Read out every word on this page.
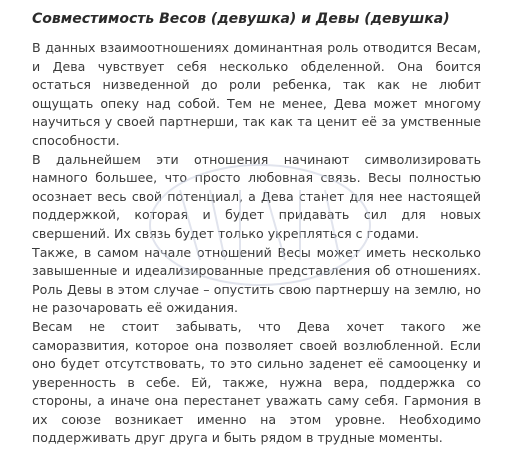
Совместимость Весов (девушка) и Девы (девушка)

В данных взаимоотношениях доминантная роль отводится Весам, и Дева чувствует себя несколько обделенной. Она боится остаться низведенной до роли ребенка, так как не любит ощущать опеку над собой. Тем не менее, Дева может многому научиться у своей партнерши, так как та ценит её за умственные способности.

В дальнейшем эти отношения начинают символизировать намного большее, что просто любовная связь. Весы полностью осознает весь свой потенциал, а Дева станет для нее настоящей поддержкой, которая и будет придавать сил для новых свершений. Их связь будет только укрепляться с годами.

Также, в самом начале отношений Весы может иметь несколько завышенные и идеализированные представления об отношениях. Роль Девы в этом случае – опустить свою партнершу на землю, но не разочаровать её ожидания.

Весам не стоит забывать, что Дева хочет такого же саморазвития, которое она позволяет своей возлюбленной. Если оно будет отсутствовать, то это сильно заденет её самооценку и уверенность в себе. Ей, также, нужна вера, поддержка со стороны, а иначе она перестанет уважать саму себя. Гармония в их союзе возникает именно на этом уровне. Необходимо поддерживать друг друга и быть рядом в трудные моменты.
